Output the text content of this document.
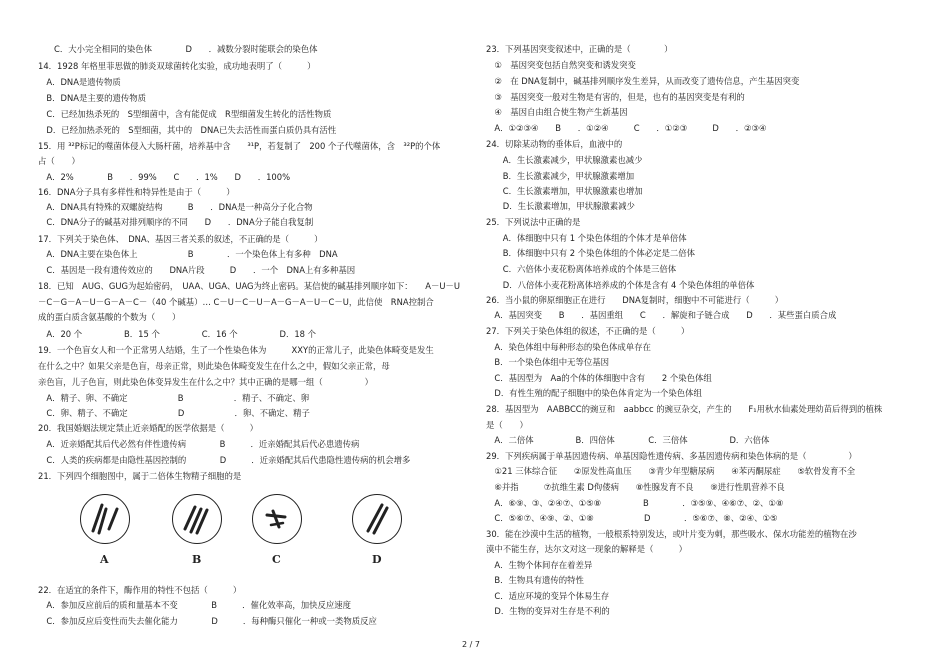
C．大小完全相同的染色体　　　　D　　．减数分裂时能联会的染色体
14．1928 年格里菲思做的肺炎双球菌转化实验，成功地表明了（　　　）
　A．DNA是遗传物质
　B．DNA是主要的遗传物质
　C．已经加热杀死的　S型细菌中，含有能促成　R型细菌发生转化的活性物质
　D．已经加热杀死的　S型细菌，其中的　DNA已失去活性而蛋白质仍具有活性
15．用 ³²P标记的噬菌体侵入大肠杆菌，培养基中含　　³¹P，若复制了　200 个子代噬菌体，含　³²P的个体
占（　　）
　A．2%　　　　B　　．99%　　C　　．1%　　D　　．100%
16．DNA分子具有多样性和特异性是由于（　　　）
　A．DNA具有特殊的双螺旋结构　　　B　　．DNA是一种高分子化合物
　C．DNA分子的碱基对排列顺序的不同　　D　　．DNA分子能自我复制
17．下列关于染色体、　DNA、基因三者关系的叙述，不正确的是（　　　）
　A．DNA主要在染色体上　　　　　　B　　　　．一个染色体上有多种　DNA
　C．基因是一段有遗传效应的　　DNA片段　　　D　　．一个　DNA上有多种基因
18．已知　AUG、GUG为起始密码，　UAA、UGA、UAG为终止密码。某信使的碱基排列顺序如下：　　A－U－U
－C－G－A－U－G－A－C－（40 个碱基）… C－U－C－U－A－G－A－U－C－U，此信使　RNA控制合
成的蛋白质含氨基酸的个数为（　　）
　A．20 个　　　　　B．15 个　　　　　C．16 个　　　　　D．18 个
19．一个色盲女人和一个正常男人结婚，生了一个性染色体为　　　XXY的正常儿子，此染色体畸变是发生
在什么之中？如果父亲是色盲，母亲正常，则此染色体畸变发生在什么之中，假如父亲正常，母
亲色盲，儿子色盲，则此染色体变异发生在什么之中？其中正确的是哪一组（　　　　　）
　A．精子、卵、不确定　　　　　　B　　　　　　．精子、不确定、卵
　C．卵、精子、不确定　　　　　　D　　　　　　．卵、不确定、精子
20．我国婚姻法规定禁止近亲婚配的医学依据是（　　　）
　A．近亲婚配其后代必然有伴性遗传病　　　　B　　　．近亲婚配其后代必患遗传病
　C．人类的疾病都是由隐性基因控制的　　　　D　　　．近亲婚配其后代患隐性遗传病的机会增多
21．下列四个细胞图中，属于二倍体生物精子细胞的是
22．在适宜的条件下，酶作用的特性不包括（　　　）
　A．参加反应前后的质和量基本不变　　　　B　　　．催化效率高，加快反应速度
　C．参加反应后变性而失去催化能力　　　　D　　　．每种酶只催化一种或一类物质反应
A	B	C	D
23．下列基因突变叙述中，正确的是（　　　　）
　①　基因突变包括自然突变和诱发突变
　②　在 DNA复制中，碱基排列顺序发生差异，从而改变了遗传信息，产生基因突变
　③　基因突变一般对生物是有害的，但是，也有的基因突变是有利的
　④　基因自由组合使生物产生新基因
　A．①②③④　　B　　．①②④　　　C　　．①②③　　　D　　．②③④
24．切除某动物的垂体后，血液中的
　　A．生长激素减少，甲状腺激素也减少
　　B．生长激素减少，甲状腺激素增加
　　C．生长激素增加，甲状腺激素也增加
　　D．生长激素增加，甲状腺激素减少
25．下列说法中正确的是
　　A．体细胞中只有 1 个染色体组的个体才是单倍体
　　B．体细胞中只有 2 个染色体组的个体必定是二倍体
　　C．六倍体小麦花粉离体培养成的个体是三倍体
　　D．八倍体小麦花粉离体培养成的个体是含有 4 个染色体组的单倍体
26．当小鼠的卵原细胞正在进行　　DNA复制时，细胞中不可能进行（　　　）
　A．基因突变　　B　　．基因重组　　C　　．解旋和子链合成　　D　　．某些蛋白质合成
27．下列关于染色体组的叙述，不正确的是（　　　）
　A．染色体组中每种形态的染色体成单存在
　B．一个染色体组中无等位基因
　C．基因型为　Aa的个体的体细胞中含有　　2 个染色体组
　D．有性生殖的配子细胞中的染色体肯定为一个染色体组
28．基因型为　AABBCC的豌豆和　aabbcc 的豌豆杂交，产生的　　F₁用秋水仙素处理幼苗后得到的植株
是（　　）
　A．二倍体　　　　　B．四倍体　　　　C．三倍体　　　　　D．六倍体
29．下列疾病属于单基因遗传病、单基因隐性遗传病、多基因遗传病和染色体病的是（　　　　　）
　①21 三体综合征　　②原发性高血压　　③青少年型糖尿病　　④苯丙酮尿症　　⑤软骨发育不全
　⑥并指　　　⑦抗维生素 D佝偻病　　⑧性腺发育不良　　⑨进行性肌营养不良
　A．⑥⑨、③、②④⑦、①⑤⑧　　　　　B　　　　．③⑤⑨、④⑥⑦、②、①⑧
　C．⑤⑥⑦、④⑨、②、①⑧　　　　　　D　　　　．⑤⑥⑦、⑧、②④、①⑤
30．能在沙漠中生活的植物，一般根系特别发达，或叶片变为刺，那些吸水、保水功能差的植物在沙
漠中不能生存，达尔文对这一现象的解释是（　　　）
　A．生物个体间存在着差异
　B．生物具有遗传的特性
　C．适应环境的变异个体易生存
　D．生物的变异对生存是不利的
2 / 7
